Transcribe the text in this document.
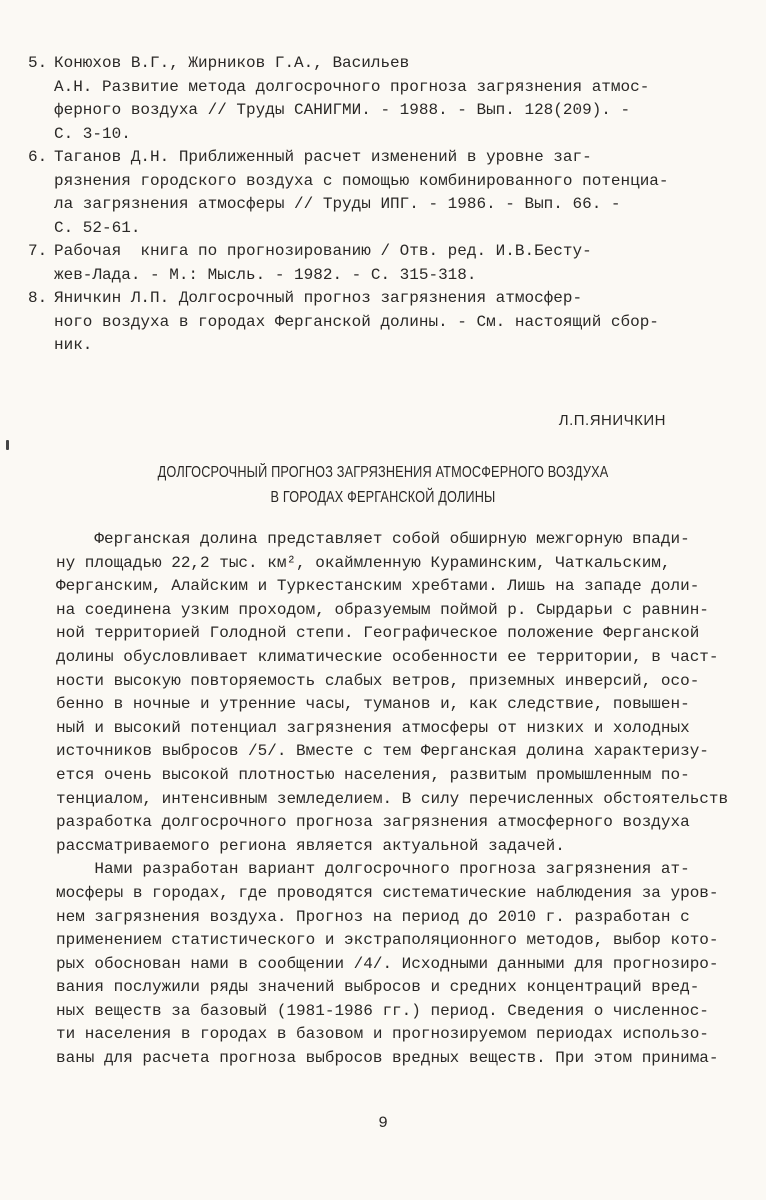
5. Конюхов В.Г., Жирников Г.А., Васильев
А.Н. Развитие метода долгосрочного прогноза загрязнения атмос-
ферного воздуха // Труды САНИГМИ. - 1988. - Вып. 128(209). -
С. 3-10.
6. Таганов Д.Н. Приближенный расчет изменений в уровне заг-
рязнения городского воздуха с помощью комбинированного потенциа-
ла загрязнения атмосферы // Труды ИПГ. - 1986. - Вып. 66. -
С. 52-61.
7. Рабочая  книга по прогнозированию / Отв. ред. И.В.Бесту-
жев-Лада. - М.: Мысль. - 1982. - С. 315-318.
8. Яничкин Л.П. Долгосрочный прогноз загрязнения атмосфер-
ного воздуха в городах Ферганской долины. - См. настоящий сбор-
ник.
Л.П.ЯНИЧКИН
ДОЛГОСРОЧНЫЙ ПРОГНОЗ ЗАГРЯЗНЕНИЯ АТМОСФЕРНОГО ВОЗДУХА
В ГОРОДАХ ФЕРГАНСКОЙ ДОЛИНЫ
Ферганская долина представляет собой обширную межгорную впади-
ну площадью 22,2 тыс. км², окаймленную Кураминским, Чаткальским,
Ферганским, Алайским и Туркестанским хребтами. Лишь на западе доли-
на соединена узким проходом, образуемым поймой р. Сырдарьи с равнин-
ной территорией Голодной степи. Географическое положение Ферганской
долины обусловливает климатические особенности ее территории, в част-
ности высокую повторяемость слабых ветров, приземных инверсий, осо-
бенно в ночные и утренние часы, туманов и, как следствие, повышен-
ный и высокий потенциал загрязнения атмосферы от низких и холодных
источников выбросов /5/. Вместе с тем Ферганская долина характеризу-
ется очень высокой плотностью населения, развитым промышленным по-
тенциалом, интенсивным земледелием. В силу перечисленных обстоятельств
разработка долгосрочного прогноза загрязнения атмосферного воздуха
рассматриваемого региона является актуальной задачей.
Нами разработан вариант долгосрочного прогноза загрязнения ат-
мосферы в городах, где проводятся систематические наблюдения за уров-
нем загрязнения воздуха. Прогноз на период до 2010 г. разработан с
применением статистического и экстраполяционного методов, выбор кото-
рых обоснован нами в сообщении /4/. Исходными данными для прогнозиро-
вания послужили ряды значений выбросов и средних концентраций вред-
ных веществ за базовый (1981-1986 гг.) период. Сведения о численнос-
ти населения в городах в базовом и прогнозируемом периодах использо-
ваны для расчета прогноза выбросов вредных веществ. При этом принима-
9
